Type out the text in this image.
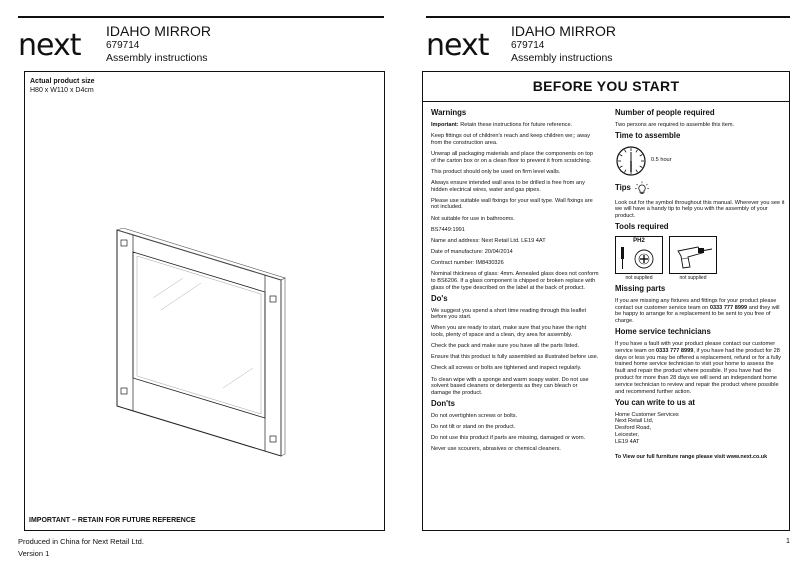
next IDAHO MIRROR
679714
Assembly instructions
Actual product size
H80 x W110 x D4cm
IMPORTANT – RETAIN FOR FUTURE REFERENCE
Produced in China for Next Retail Ltd.
Version 1
next IDAHO MIRROR
679714
Assembly instructions
BEFORE YOU START
Warnings

Important: Retain these instructions for future reference.

Keep fittings out of children's reach and keep children we;; away from the construction area.

Unwrap all packaging materials and place the components on top of the carton box or on a clean floor to prevent it from scratching.

This product should only be used on firm level walls.

Always ensure intended wall area to be drilled is free from any hidden electrical wires, water and gas pipes.

Please use suitable wall fixings for your wall type. Wall fixings are not included.

Not suitable for use in bathrooms.

BS7449:1991

Name and address: Next Retail Ltd. LE19 4AT

Date of manufacture: 20/04/2014

Contract number: IM8430326

Nominal thickness of glass: 4mm. Annealed glass does not conform to BS6206. If a glass component is chipped or broken replace with glass of the type described on the label at the back of product.

Do's

We suggest you spend a short time reading through this leaflet before you start.

When you are ready to start, make sure that you have the right tools, plenty of space and a clean, dry area for assembly.

Check the pack and make sure you have all the parts listed.

Ensure that this product is fully assembled as illustrated before use.

Check all screws or bolts are tightened and inspect regularly.

To clean wipe with a sponge and warm soapy water. Do not use solvent based cleaners or detergents as they can bleach or damage the product.

Don'ts

Do not overtighten screws or bolts.

Do not tilt or stand on the product.

Do not use this product if parts are missing, damaged or worn.

Never use scourers, abrasives or chemical cleaners.

Number of people required

Two persons are required to assemble this item.

Time to assemble
0.5 hour
Tips

Look out for the symbol throughout this manual. Wherever you see it we will have a handy tip to help you with the assembly of your product.

Tools required
PH2
not supplied	not supplied
Missing parts

If you are missing any fixtures and fittings for your product please contact our customer service team on 0333 777 8999 and they will be happy to arrange for a replacement to be sent to you free of charge.

Home service technicians

If you have a fault with your product please contact our customer service team on 0333 777 8999, if you have had the product for 28 days or less you may be offered a replacement, refund or for a fully trained home service technician to visit your home to assess the fault and repair the product where possible. If you have had the product for more than 28 days we will send an independant home service technician to review and repair the product where possible and recommend further action.

You can write to us at
Home Customer Services
Next Retail Ltd,
Desford Road,
Leicester,
LE19 4AT
To View our full furniture range please visit www.next.co.uk
1
